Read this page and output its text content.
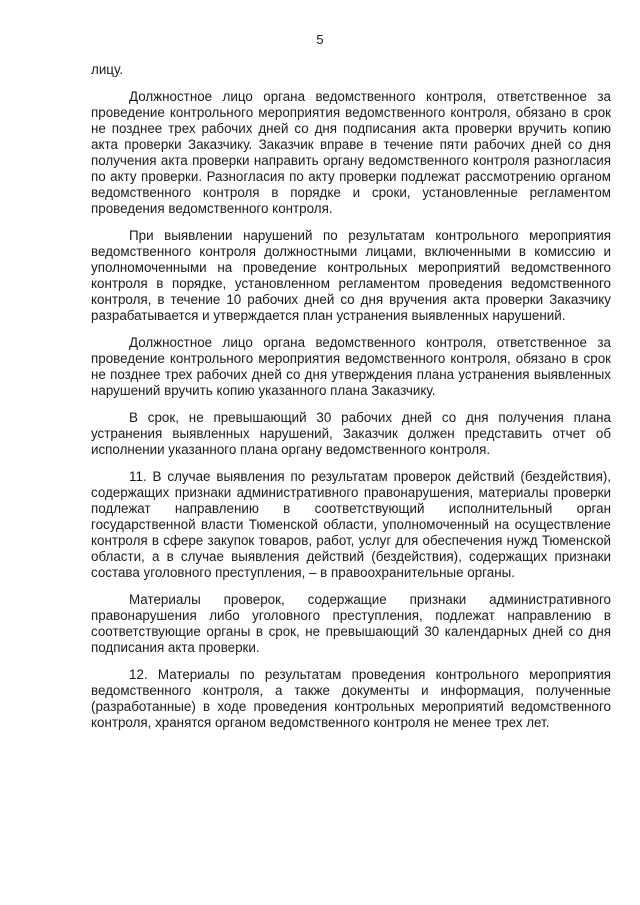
5

лицу.

Должностное лицо органа ведомственного контроля, ответственное за проведение контрольного мероприятия ведомственного контроля, обязано в срок не позднее трех рабочих дней со дня подписания акта проверки вручить копию акта проверки Заказчику. Заказчик вправе в течение пяти рабочих дней со дня получения акта проверки направить органу ведомственного контроля разногласия по акту проверки. Разногласия по акту проверки подлежат рассмотрению органом ведомственного контроля в порядке и сроки, установленные регламентом проведения ведомственного контроля.

При выявлении нарушений по результатам контрольного мероприятия ведомственного контроля должностными лицами, включенными в комиссию и уполномоченными на проведение контрольных мероприятий ведомственного контроля в порядке, установленном регламентом проведения ведомственного контроля, в течение 10 рабочих дней со дня вручения акта проверки Заказчику разрабатывается и утверждается план устранения выявленных нарушений.

Должностное лицо органа ведомственного контроля, ответственное за проведение контрольного мероприятия ведомственного контроля, обязано в срок не позднее трех рабочих дней со дня утверждения плана устранения выявленных нарушений вручить копию указанного плана Заказчику.

В срок, не превышающий 30 рабочих дней со дня получения плана устранения выявленных нарушений, Заказчик должен представить отчет об исполнении указанного плана органу ведомственного контроля.

11. В случае выявления по результатам проверок действий (бездействия), содержащих признаки административного правонарушения, материалы проверки подлежат направлению в соответствующий исполнительный орган государственной власти Тюменской области, уполномоченный на осуществление контроля в сфере закупок товаров, работ, услуг для обеспечения нужд Тюменской области, а в случае выявления действий (бездействия), содержащих признаки состава уголовного преступления, – в правоохранительные органы.

Материалы проверок, содержащие признаки административного правонарушения либо уголовного преступления, подлежат направлению в соответствующие органы в срок, не превышающий 30 календарных дней со дня подписания акта проверки.

12. Материалы по результатам проведения контрольного мероприятия ведомственного контроля, а также документы и информация, полученные (разработанные) в ходе проведения контрольных мероприятий ведомственного контроля, хранятся органом ведомственного контроля не менее трех лет.
